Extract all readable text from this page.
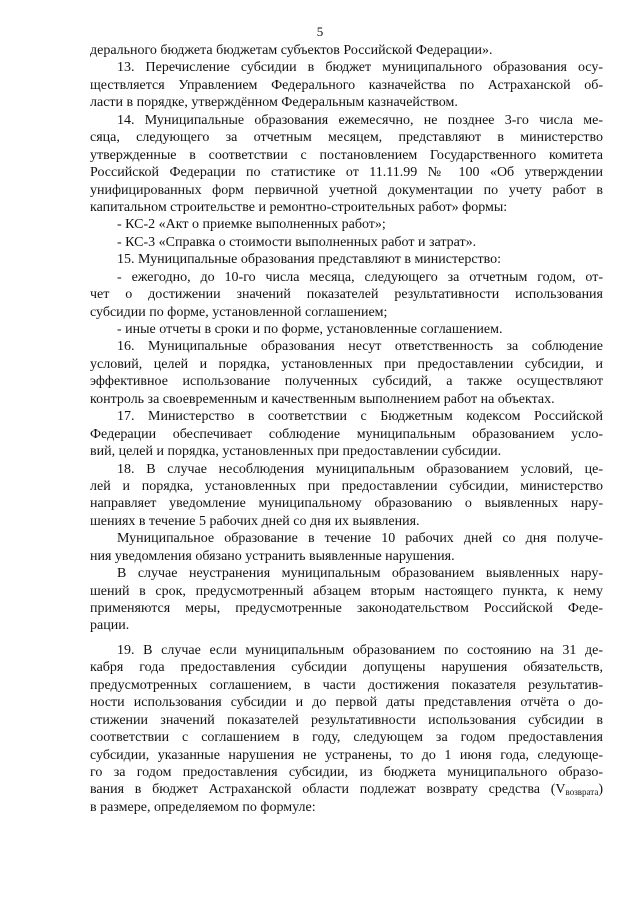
5
дерального бюджета бюджетам субъектов Российской Федерации».
13. Перечисление субсидии в бюджет муниципального образования осу-
ществляется Управлением Федерального казначейства по Астраханской об-
ласти в порядке, утверждённом Федеральным казначейством.
14. Муниципальные образования ежемесячно, не позднее 3-го числа ме-
сяца, следующего за отчетным месяцем, представляют в министерство
утвержденные в соответствии с постановлением Государственного комитета
Российской Федерации по статистике от 11.11.99 № 100 «Об утверждении
унифицированных форм первичной учетной документации по учету работ в
капитальном строительстве и ремонтно-строительных работ» формы:
- КС-2 «Акт о приемке выполненных работ»;
- КС-3 «Справка о стоимости выполненных работ и затрат».
15. Муниципальные образования представляют в министерство:
- ежегодно, до 10-го числа месяца, следующего за отчетным годом, от-
чет о достижении значений показателей результативности использования
субсидии по форме, установленной соглашением;
- иные отчеты в сроки и по форме, установленные соглашением.
16. Муниципальные образования несут ответственность за соблюдение
условий, целей и порядка, установленных при предоставлении субсидии, и
эффективное использование полученных субсидий, а также осуществляют
контроль за своевременным и качественным выполнением работ на объектах.
17. Министерство в соответствии с Бюджетным кодексом Российской
Федерации обеспечивает соблюдение муниципальным образованием усло-
вий, целей и порядка, установленных при предоставлении субсидии.
18. В случае несоблюдения муниципальным образованием условий, це-
лей и порядка, установленных при предоставлении субсидии, министерство
направляет уведомление муниципальному образованию о выявленных нару-
шениях в течение 5 рабочих дней со дня их выявления.
Муниципальное образование в течение 10 рабочих дней со дня получе-
ния уведомления обязано устранить выявленные нарушения.
В случае неустранения муниципальным образованием выявленных нару-
шений в срок, предусмотренный абзацем вторым настоящего пункта, к нему
применяются меры, предусмотренные законодательством Российской Феде-
рации.
19. В случае если муниципальным образованием по состоянию на 31 де-
кабря года предоставления субсидии допущены нарушения обязательств,
предусмотренных соглашением, в части достижения показателя результатив-
ности использования субсидии и до первой даты представления отчёта о до-
стижении значений показателей результативности использования субсидии в
соответствии с соглашением в году, следующем за годом предоставления
субсидии, указанные нарушения не устранены, то до 1 июня года, следующе-
го за годом предоставления субсидии, из бюджета муниципального образо-
вания в бюджет Астраханской области подлежат возврату средства $(V_{возврата})$
в размере, определяемом по формуле:
